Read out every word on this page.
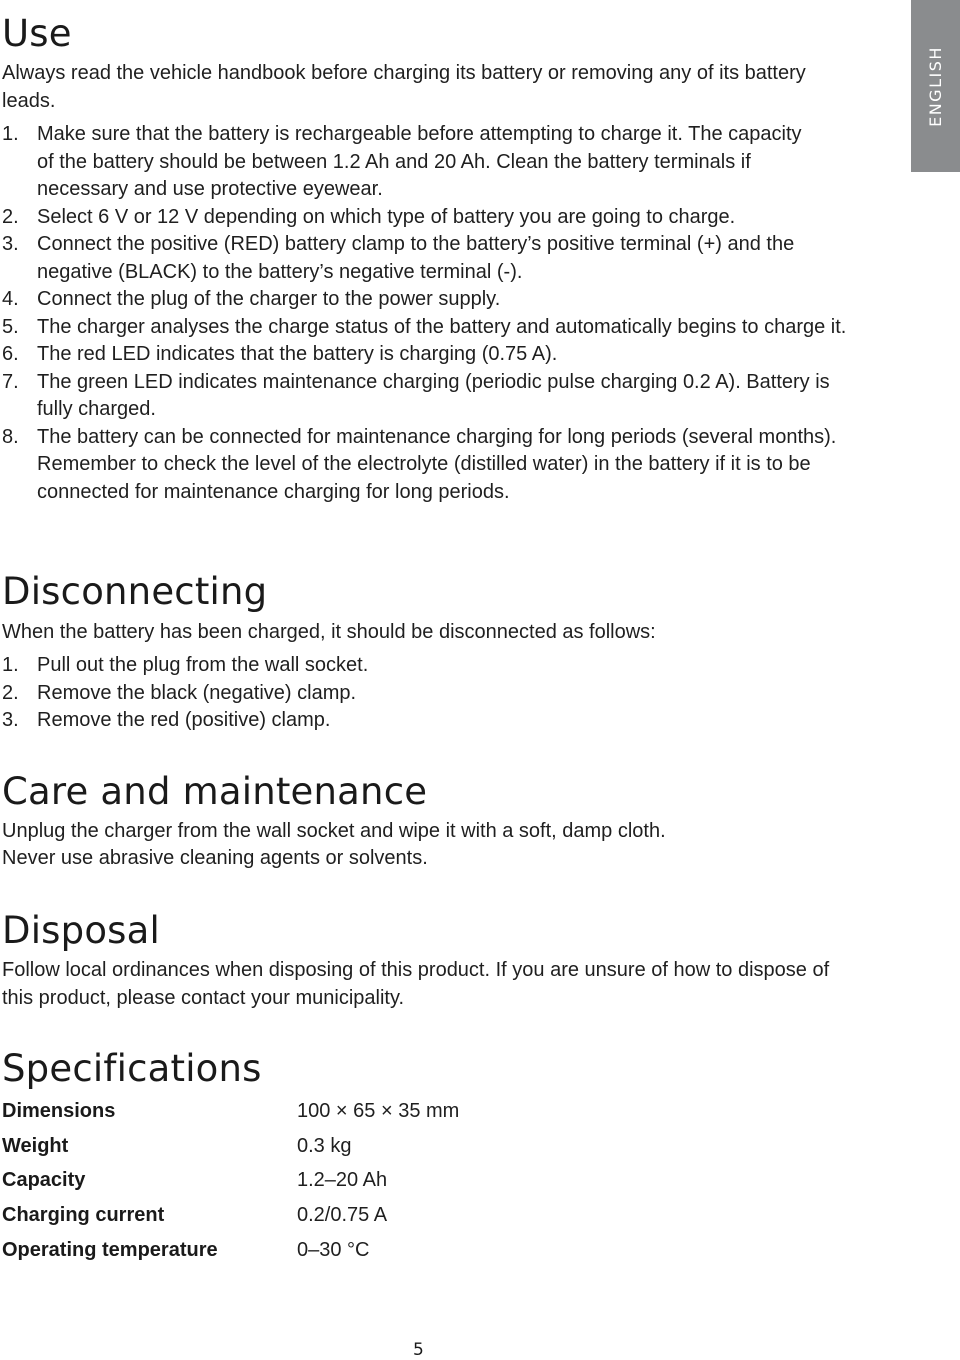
Use

Always read the vehicle handbook before charging its battery or removing any of its battery leads.

1. Make sure that the battery is rechargeable before attempting to charge it. The capacity of the battery should be between 1.2 Ah and 20 Ah. Clean the battery terminals if necessary and use protective eyewear.
2. Select 6 V or 12 V depending on which type of battery you are going to charge.
3. Connect the positive (RED) battery clamp to the battery’s positive terminal (+) and the negative (BLACK) to the battery’s negative terminal (-).
4. Connect the plug of the charger to the power supply.
5. The charger analyses the charge status of the battery and automatically begins to charge it.
6. The red LED indicates that the battery is charging (0.75 A).
7. The green LED indicates maintenance charging (periodic pulse charging 0.2 A). Battery is fully charged.
8. The battery can be connected for maintenance charging for long periods (several months). Remember to check the level of the electrolyte (distilled water) in the battery if it is to be connected for maintenance charging for long periods.
Disconnecting

When the battery has been charged, it should be disconnected as follows:

1. Pull out the plug from the wall socket.
2. Remove the black (negative) clamp.
3. Remove the red (positive) clamp.
Care and maintenance

Unplug the charger from the wall socket and wipe it with a soft, damp cloth.

Never use abrasive cleaning agents or solvents.

Disposal

Follow local ordinances when disposing of this product. If you are unsure of how to dispose of this product, please contact your municipality.

Specifications
Dimensions	100 × 65 × 35 mm
Weight	0.3 kg
Capacity	1.2–20 Ah
Charging current	0.2/0.75 A
Operating temperature	0–30 °C
ENGLISH
5
